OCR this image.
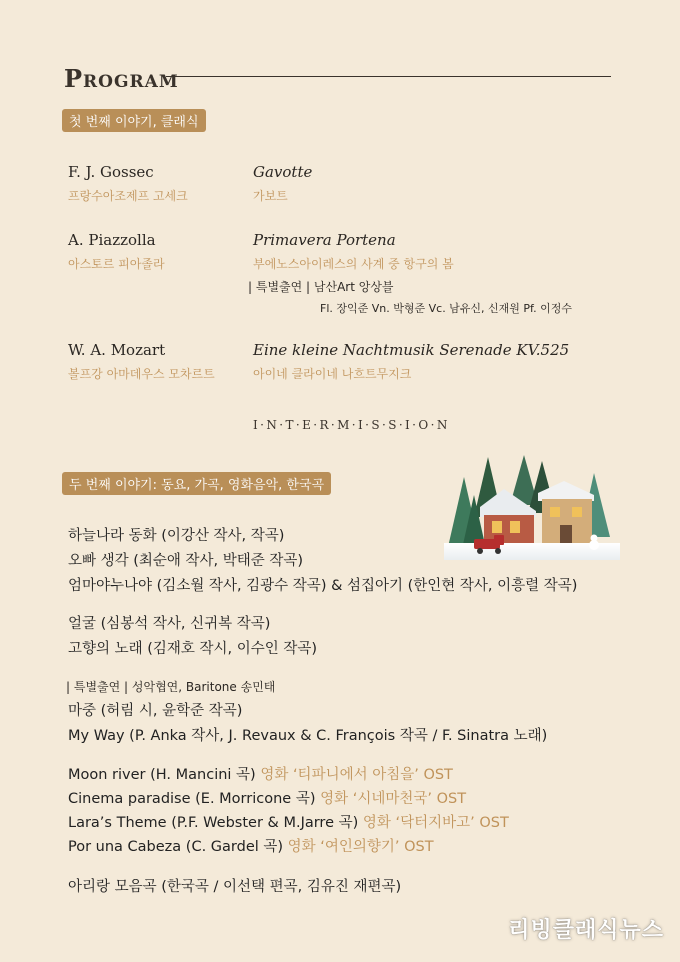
PROGRAM
첫 번째 이야기, 클래식
F. J. Gossec
프랑수아조제프 고세크
Gavotte
가보트
A. Piazzolla
아스토르 피아졸라
Primavera Portena
부에노스아이레스의 사계 중 항구의 봄
| 특별출연 | 남산Art 앙상블
Fl. 장익준 Vn. 박형준 Vc. 남유신, 신재원 Pf. 이정수
W. A. Mozart
볼프강 아마데우스 모차르트
Eine kleine Nachtmusik Serenade KV.525
아이네 클라이네 나흐트무지크
I·N·T·E·R·M·I·S·S·I·O·N
두 번째 이야기: 동요, 가곡, 영화음악, 한국곡
하늘나라 동화 (이강산 작사, 작곡)
오빠 생각 (최순애 작사, 박태준 작곡)
엄마야누나야 (김소월 작사, 김광수 작곡) & 섬집아기 (한인현 작사, 이흥렬 작곡)
얼굴 (심봉석 작사, 신귀복 작곡)
고향의 노래 (김재호 작시, 이수인 작곡)
| 특별출연 | 성악협연, Baritone 송민태
마중 (허림 시, 윤학준 작곡)
My Way (P. Anka 작사, J. Revaux & C. François 작곡 / F. Sinatra 노래)
Moon river (H. Mancini 곡) 영화 ‘티파니에서 아침을’ OST
Cinema paradise (E. Morricone 곡) 영화 ‘시네마천국’ OST
Lara’s Theme (P.F. Webster & M.Jarre 곡) 영화 ‘닥터지바고’ OST
Por una Cabeza (C. Gardel 곡) 영화 ‘여인의향기’ OST
아리랑 모음곡 (한국곡 / 이선택 편곡, 김유진 재편곡)
리빙클래식뉴스
